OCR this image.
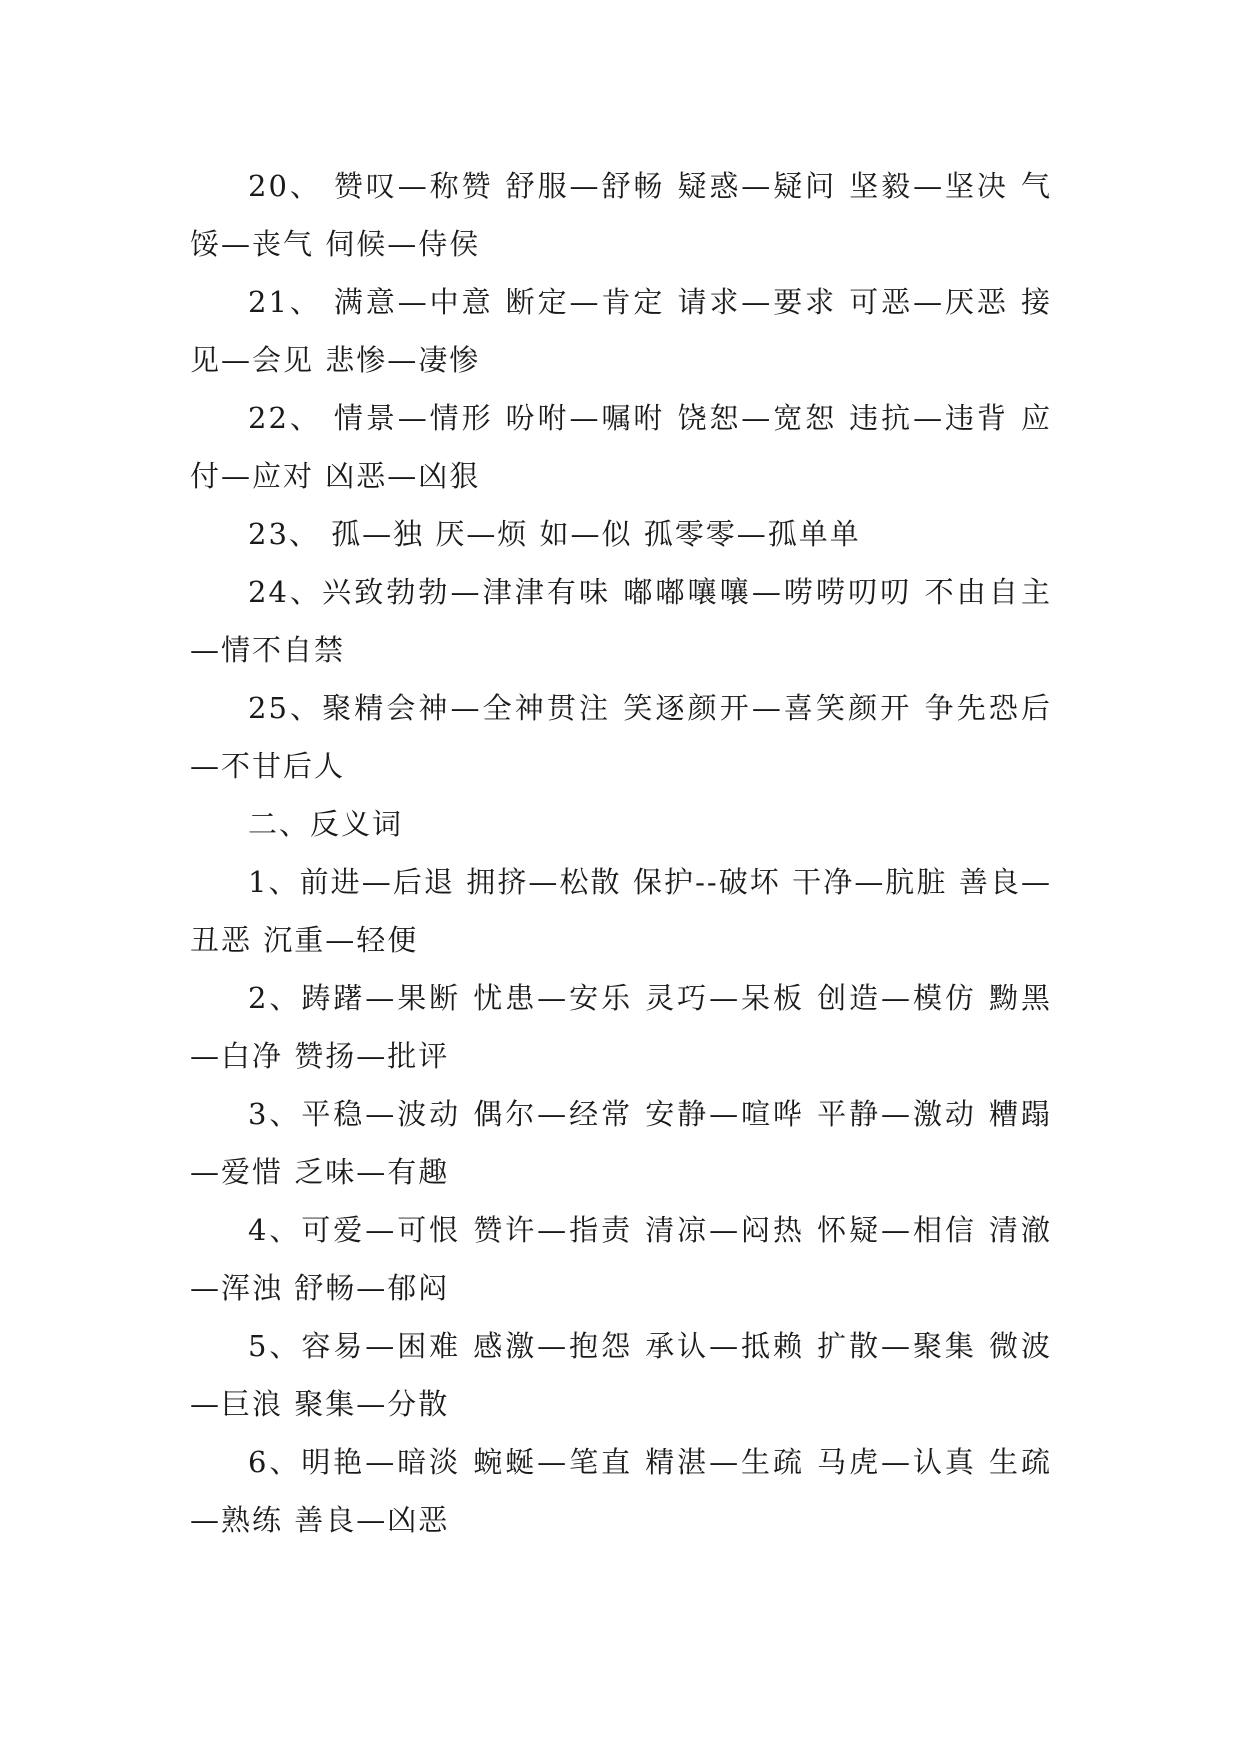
20、 赞叹—称赞 舒服—舒畅 疑惑—疑问 坚毅—坚决 气馁—丧气 伺候—侍侯

21、 满意—中意 断定—肯定 请求—要求 可恶—厌恶 接见—会见 悲惨—凄惨

22、 情景—情形 吩咐—嘱咐 饶恕—宽恕 违抗—违背 应付—应对 凶恶—凶狠

23、 孤—独 厌—烦 如—似 孤零零—孤单单

24、兴致勃勃—津津有味 嘟嘟嚷嚷—唠唠叨叨 不由自主—情不自禁

25、聚精会神—全神贯注 笑逐颜开—喜笑颜开 争先恐后—不甘后人

二、反义词

1、前进—后退 拥挤—松散 保护--破坏 干净—肮脏 善良—丑恶 沉重—轻便

2、踌躇—果断 忧患—安乐 灵巧—呆板 创造—模仿 黝黑—白净 赞扬—批评

3、平稳—波动 偶尔—经常 安静—喧哗 平静—激动 糟蹋—爱惜 乏味—有趣

4、可爱—可恨 赞许—指责 清凉—闷热 怀疑—相信 清澈—浑浊 舒畅—郁闷

5、容易—困难 感激—抱怨 承认—抵赖 扩散—聚集 微波—巨浪 聚集—分散

6、明艳—暗淡 蜿蜒—笔直 精湛—生疏 马虎—认真 生疏—熟练 善良—凶恶
